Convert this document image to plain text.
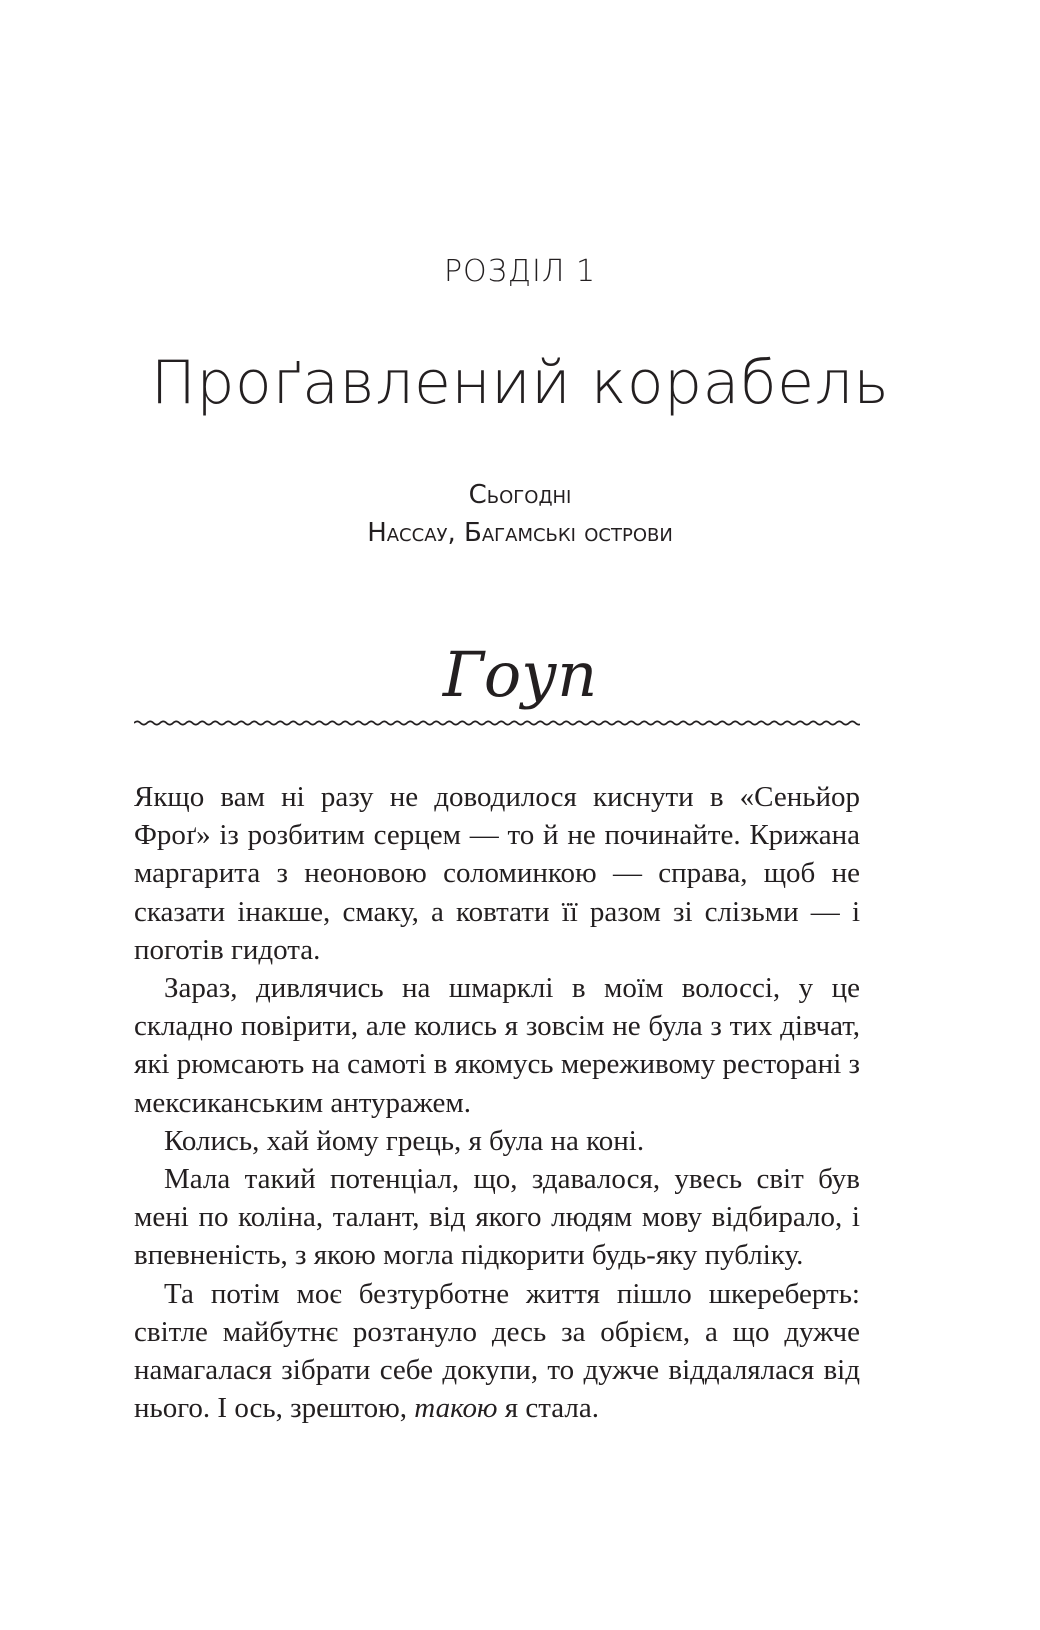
РОЗДІЛ 1
Проґавлений корабель
Сьогодні
Нассау, Багамські острови
Гоуп

Якщо вам ні разу не доводилося киснути в «Сеньйор Фроґ» із розбитим серцем — то й не починайте. Крижана маргарита з неоновою соломинкою — справа, щоб не сказати інакше, смаку, а ковтати її разом зі слізьми — і поготів гидота.

Зараз, дивлячись на шмарклі в моїм волоссі, у це складно повірити, але колись я зовсім не була з тих дівчат, які рюмсають на самоті в якомусь мереживому ресторані з мексиканським антуражем.

Колись, хай йому грець, я була на коні.

Мала такий потенціал, що, здавалося, увесь світ був мені по коліна, талант, від якого людям мову відбирало, і впевненість, з якою могла підкорити будь-яку публіку.

Та потім моє безтурботне життя пішло шкереберть: світле майбутнє розтануло десь за обрієм, а що дужче намагалася зібрати себе докупи, то дужче віддалялася від нього. І ось, зрештою, такою я стала.
